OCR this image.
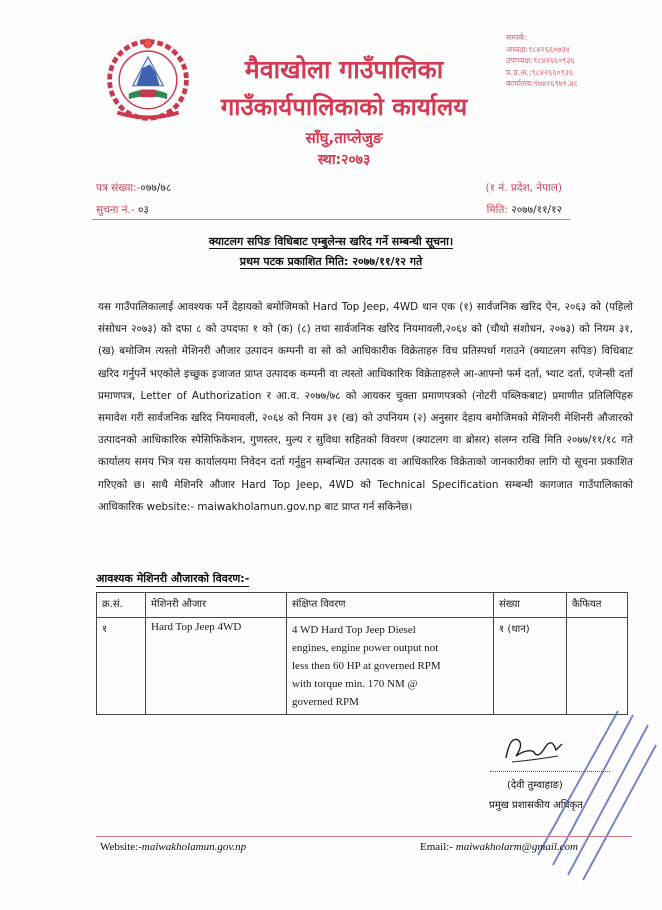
मैवाखोला गाउँपालिका
गाउँकार्यपालिकाको कार्यालय
साँघु,ताप्लेजुङ
स्था:२०७३
सम्पर्क:
अध्यक्ष:९८४२६६०७३४
उपाध्यक्ष:९८४२६६०९३६
प्र.प्र.अ.:९८४२६६०९३६
कार्यालय:९७४२६९७१.४८
पत्र संख्या:-०७७/७८
सुचना नं.- ०३
(१ नं. प्रदेश, नेपाल)
मिति: २०७७/११/१२
क्याटलग सपिङ विधिबाट एम्बुलेन्स खरिद गर्ने सम्बन्धी सूचना।
प्रथम पटक प्रकाशित मिति: २०७७/११/१२ गते

यस गाउँपालिकालाई आवश्यक पर्ने देहायको बमोजिमको Hard Top Jeep, 4WD थान एक (१) सार्वजनिक खरिद ऐन, २०६३ को (पहिलो संसोधन २०७३) को दफा ८ को उपदफा १ को (क) (८) तथा सार्वजनिक खरिद नियमावली,२०६४ को (चौथो संशोधन, २०७३) को नियम ३१, (ख) बमोजिम त्यस्तो मेशिनरी औजार उत्पादन कम्पनी वा सो को आधिकारीक विक्रेताहरु विच प्रतिस्पर्धा गराउने (क्याटलग सपिङ) विधिबाट खरिद गर्नुपर्ने भएकोले इच्छुक इजाजत प्राप्त उत्पादक कम्पनी वा त्यस्तो आधिकारिक विक्रेताहरुले आ-आफ्नो फर्म दर्ता, भ्याट दर्ता, एजेन्सी दर्ता प्रमाणपत्र, Letter of Authorization र आ.व. २०७७/७८ को आयकर चुक्ता प्रमाणपत्रको (नोटरी पब्लिकबाट) प्रमाणीत प्रतिलिपिहरु समावेश गरी सार्वजनिक खरिद नियमावली, २०६४ को नियम ३१ (ख) को उपनियम (२) अनुसार देहाय बमोजिमको मेशिनरी मेशिनरी औजारको उत्पादनको आधिकारिक स्पेसिफिकेशन, गुणस्तर, मुल्य र सुविधा सहितको विवरण (क्याटलग वा ब्रोसर) संलग्न राखि मिति २०७७/११/१८ गते कार्यालय समय भित्र यस कार्यालयमा निवेदन दर्ता गर्नुहुन सम्बन्धित उत्पादक वा आधिकारिक विक्रेताको जानकारीका लागि यो सूचना प्रकाशित गरिएको छ। साथै मेशिनरि औजार Hard Top Jeep, 4WD को Technical Specification सम्बन्धी कागजात गाउँपालिकाको आधिकारिक website:- maiwakholamun.gov.np बाट प्राप्त गर्न सकिनेछ।

आवश्यक मेशिनरी औजारको विवरण:-
क्र.सं.	मेशिनरी औजार	संक्षिप्त विवरण	संख्या	कैफियत
१	Hard Top Jeep 4WD	4 WD Hard Top Jeep Diesel
engines, engine power output not
less then 60 HP at governed RPM
with torque min. 170 NM @
governed RPM	१ (थान)	
(देवी तुम्वाहाङ)
प्रमुख प्रशासकीय अधिकृत
Website:-maiwakholamun.gov.np	Email:- maiwakholarm@gmail.com
